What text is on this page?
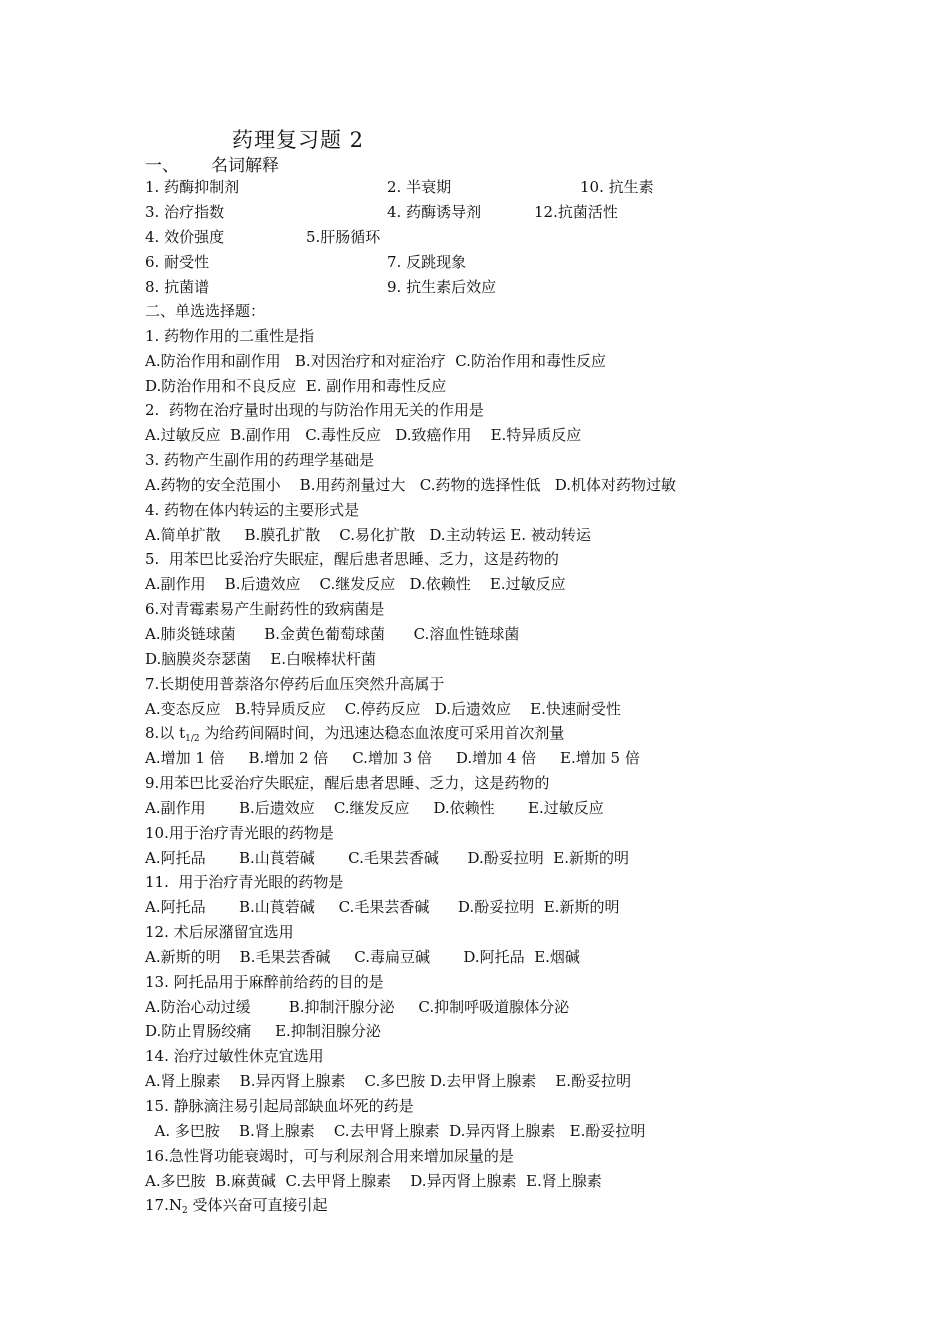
药理复习题 2
一、 名词解释
1. 药酶抑制剂	2. 半衰期	10. 抗生素
3. 治疗指数	4. 药酶诱导剂	12.抗菌活性
4. 效价强度	5.肝肠循环
6. 耐受性	7. 反跳现象
8. 抗菌谱	9. 抗生素后效应
二、单选选择题：
1. 药物作用的二重性是指
A.防治作用和副作用   B.对因治疗和对症治疗  C.防治作用和毒性反应
D.防治作用和不良反应  E. 副作用和毒性反应
2.  药物在治疗量时出现的与防治作用无关的作用是
A.过敏反应  B.副作用   C.毒性反应   D.致癌作用    E.特异质反应
3. 药物产生副作用的药理学基础是
A.药物的安全范围小    B.用药剂量过大   C.药物的选择性低   D.机体对药物过敏
4. 药物在体内转运的主要形式是
A.简单扩散     B.膜孔扩散    C.易化扩散   D.主动转运 E. 被动转运
5.  用苯巴比妥治疗失眠症，醒后患者思睡、乏力，这是药物的
A.副作用    B.后遗效应    C.继发反应   D.依赖性    E.过敏反应
6.对青霉素易产生耐药性的致病菌是
A.肺炎链球菌      B.金黄色葡萄球菌      C.溶血性链球菌
D.脑膜炎奈瑟菌    E.白喉棒状杆菌
7.长期使用普萘洛尔停药后血压突然升高属于
A.变态反应   B.特异质反应    C.停药反应   D.后遗效应    E.快速耐受性
8.以 $t_{1/2}$ 为给药间隔时间，为迅速达稳态血浓度可采用首次剂量
A.增加 1 倍     B.增加 2 倍     C.增加 3 倍     D.增加 4 倍     E.增加 5 倍
9.用苯巴比妥治疗失眠症，醒后患者思睡、乏力，这是药物的
A.副作用       B.后遗效应    C.继发反应     D.依赖性       E.过敏反应
10.用于治疗青光眼的药物是
A.阿托品       B.山莨菪碱       C.毛果芸香碱      D.酚妥拉明  E.新斯的明
11.  用于治疗青光眼的药物是
A.阿托品       B.山莨菪碱     C.毛果芸香碱      D.酚妥拉明  E.新斯的明
12. 术后尿潴留宜选用
A.新斯的明    B.毛果芸香碱     C.毒扁豆碱       D.阿托品  E.烟碱
13. 阿托品用于麻醉前给药的目的是
A.防治心动过缓        B.抑制汗腺分泌     C.抑制呼吸道腺体分泌
D.防止胃肠绞痛     E.抑制泪腺分泌
14. 治疗过敏性休克宜选用
A.肾上腺素    B.异丙肾上腺素    C.多巴胺 D.去甲肾上腺素    E.酚妥拉明
15. 静脉滴注易引起局部缺血坏死的药是
A. 多巴胺    B.肾上腺素    C.去甲肾上腺素  D.异丙肾上腺素   E.酚妥拉明
16.急性肾功能衰竭时，可与利尿剂合用来增加尿量的是
A.多巴胺  B.麻黄碱  C.去甲肾上腺素    D.异丙肾上腺素  E.肾上腺素
$17.N_2$ 受体兴奋可直接引起
